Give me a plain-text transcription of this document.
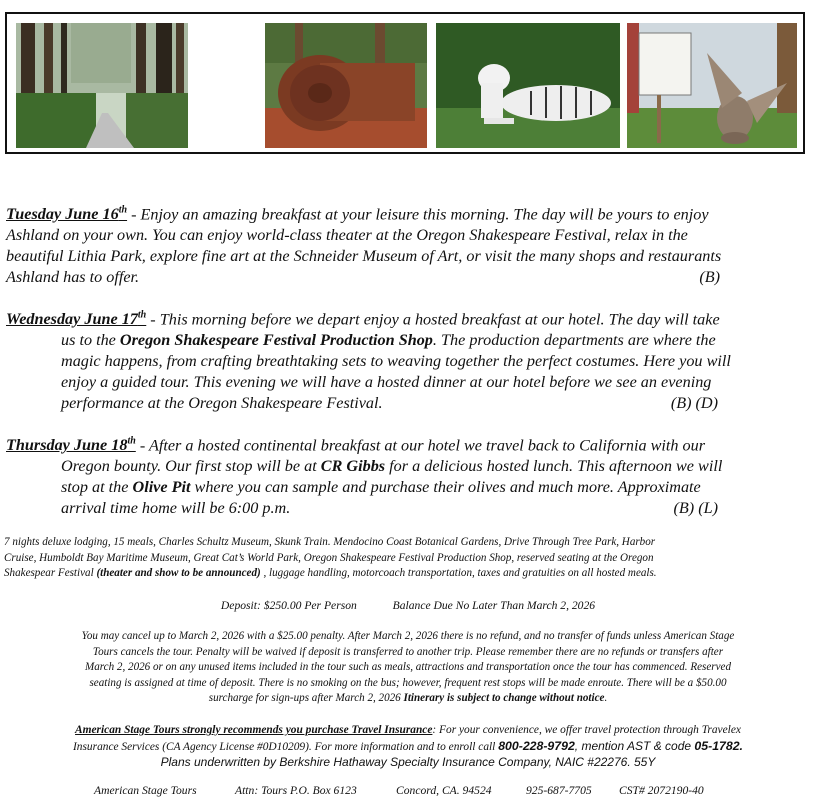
Tuesday June 16th - Enjoy an amazing breakfast at your leisure this morning. The day will be yours to enjoy
Ashland on your own. You can enjoy world-class theater at the Oregon Shakespeare Festival, relax in the
beautiful Lithia Park, explore fine art at the Schneider Museum of Art, or visit the many shops and restaurants
Ashland has to offer.	(B)
Wednesday June 17th - This morning before we depart enjoy a hosted breakfast at our hotel. The day will take
us to the Oregon Shakespeare Festival Production Shop. The production departments are where the
magic happens, from crafting breathtaking sets to weaving together the perfect costumes. Here you will
enjoy a guided tour. This evening we will have a hosted dinner at our hotel before we see an evening
performance at the Oregon Shakespeare Festival.	(B) (D)
Thursday June 18th - After a hosted continental breakfast at our hotel we travel back to California with our
Oregon bounty. Our first stop will be at CR Gibbs for a delicious hosted lunch. This afternoon we will
stop at the Olive Pit where you can sample and purchase their olives and much more. Approximate
arrival time home will be 6:00 p.m.	(B) (L)
7 nights deluxe lodging, 15 meals, Charles Schultz Museum, Skunk Train. Mendocino Coast Botanical Gardens, Drive Through Tree Park, Harbor
Cruise, Humboldt Bay Maritime Museum, Great Cat’s World Park, Oregon Shakespeare Festival Production Shop, reserved seating at the Oregon
Shakespear Festival (theater and show to be announced) , luggage handling, motorcoach transportation, taxes and gratuities on all hosted meals.
Deposit: $250.00 Per Person	Balance Due No Later Than March 2, 2026
You may cancel up to March 2, 2026 with a $25.00 penalty. After March 2, 2026 there is no refund, and no transfer of funds unless American Stage
Tours cancels the tour. Penalty will be waived if deposit is transferred to another trip. Please remember there are no refunds or transfers after
March 2, 2026 or on any unused items included in the tour such as meals, attractions and transportation once the tour has commenced. Reserved
seating is assigned at time of deposit. There is no smoking on the bus; however, frequent rest stops will be made enroute. There will be a $50.00
surcharge for sign-ups after March 2, 2026 Itinerary is subject to change without notice.
American Stage Tours strongly recommends you purchase Travel Insurance: For your convenience, we offer travel protection through Travelex
Insurance Services (CA Agency License #0D10209). For more information and to enroll call 800-228-9792, mention AST & code 05-1782.
Plans underwritten by Berkshire Hathaway Specialty Insurance Company, NAIC #22276. 55Y
American Stage Tours	Attn: Tours P.O. Box 6123	Concord, CA. 94524	925-687-7705 CST# 2072190-40
